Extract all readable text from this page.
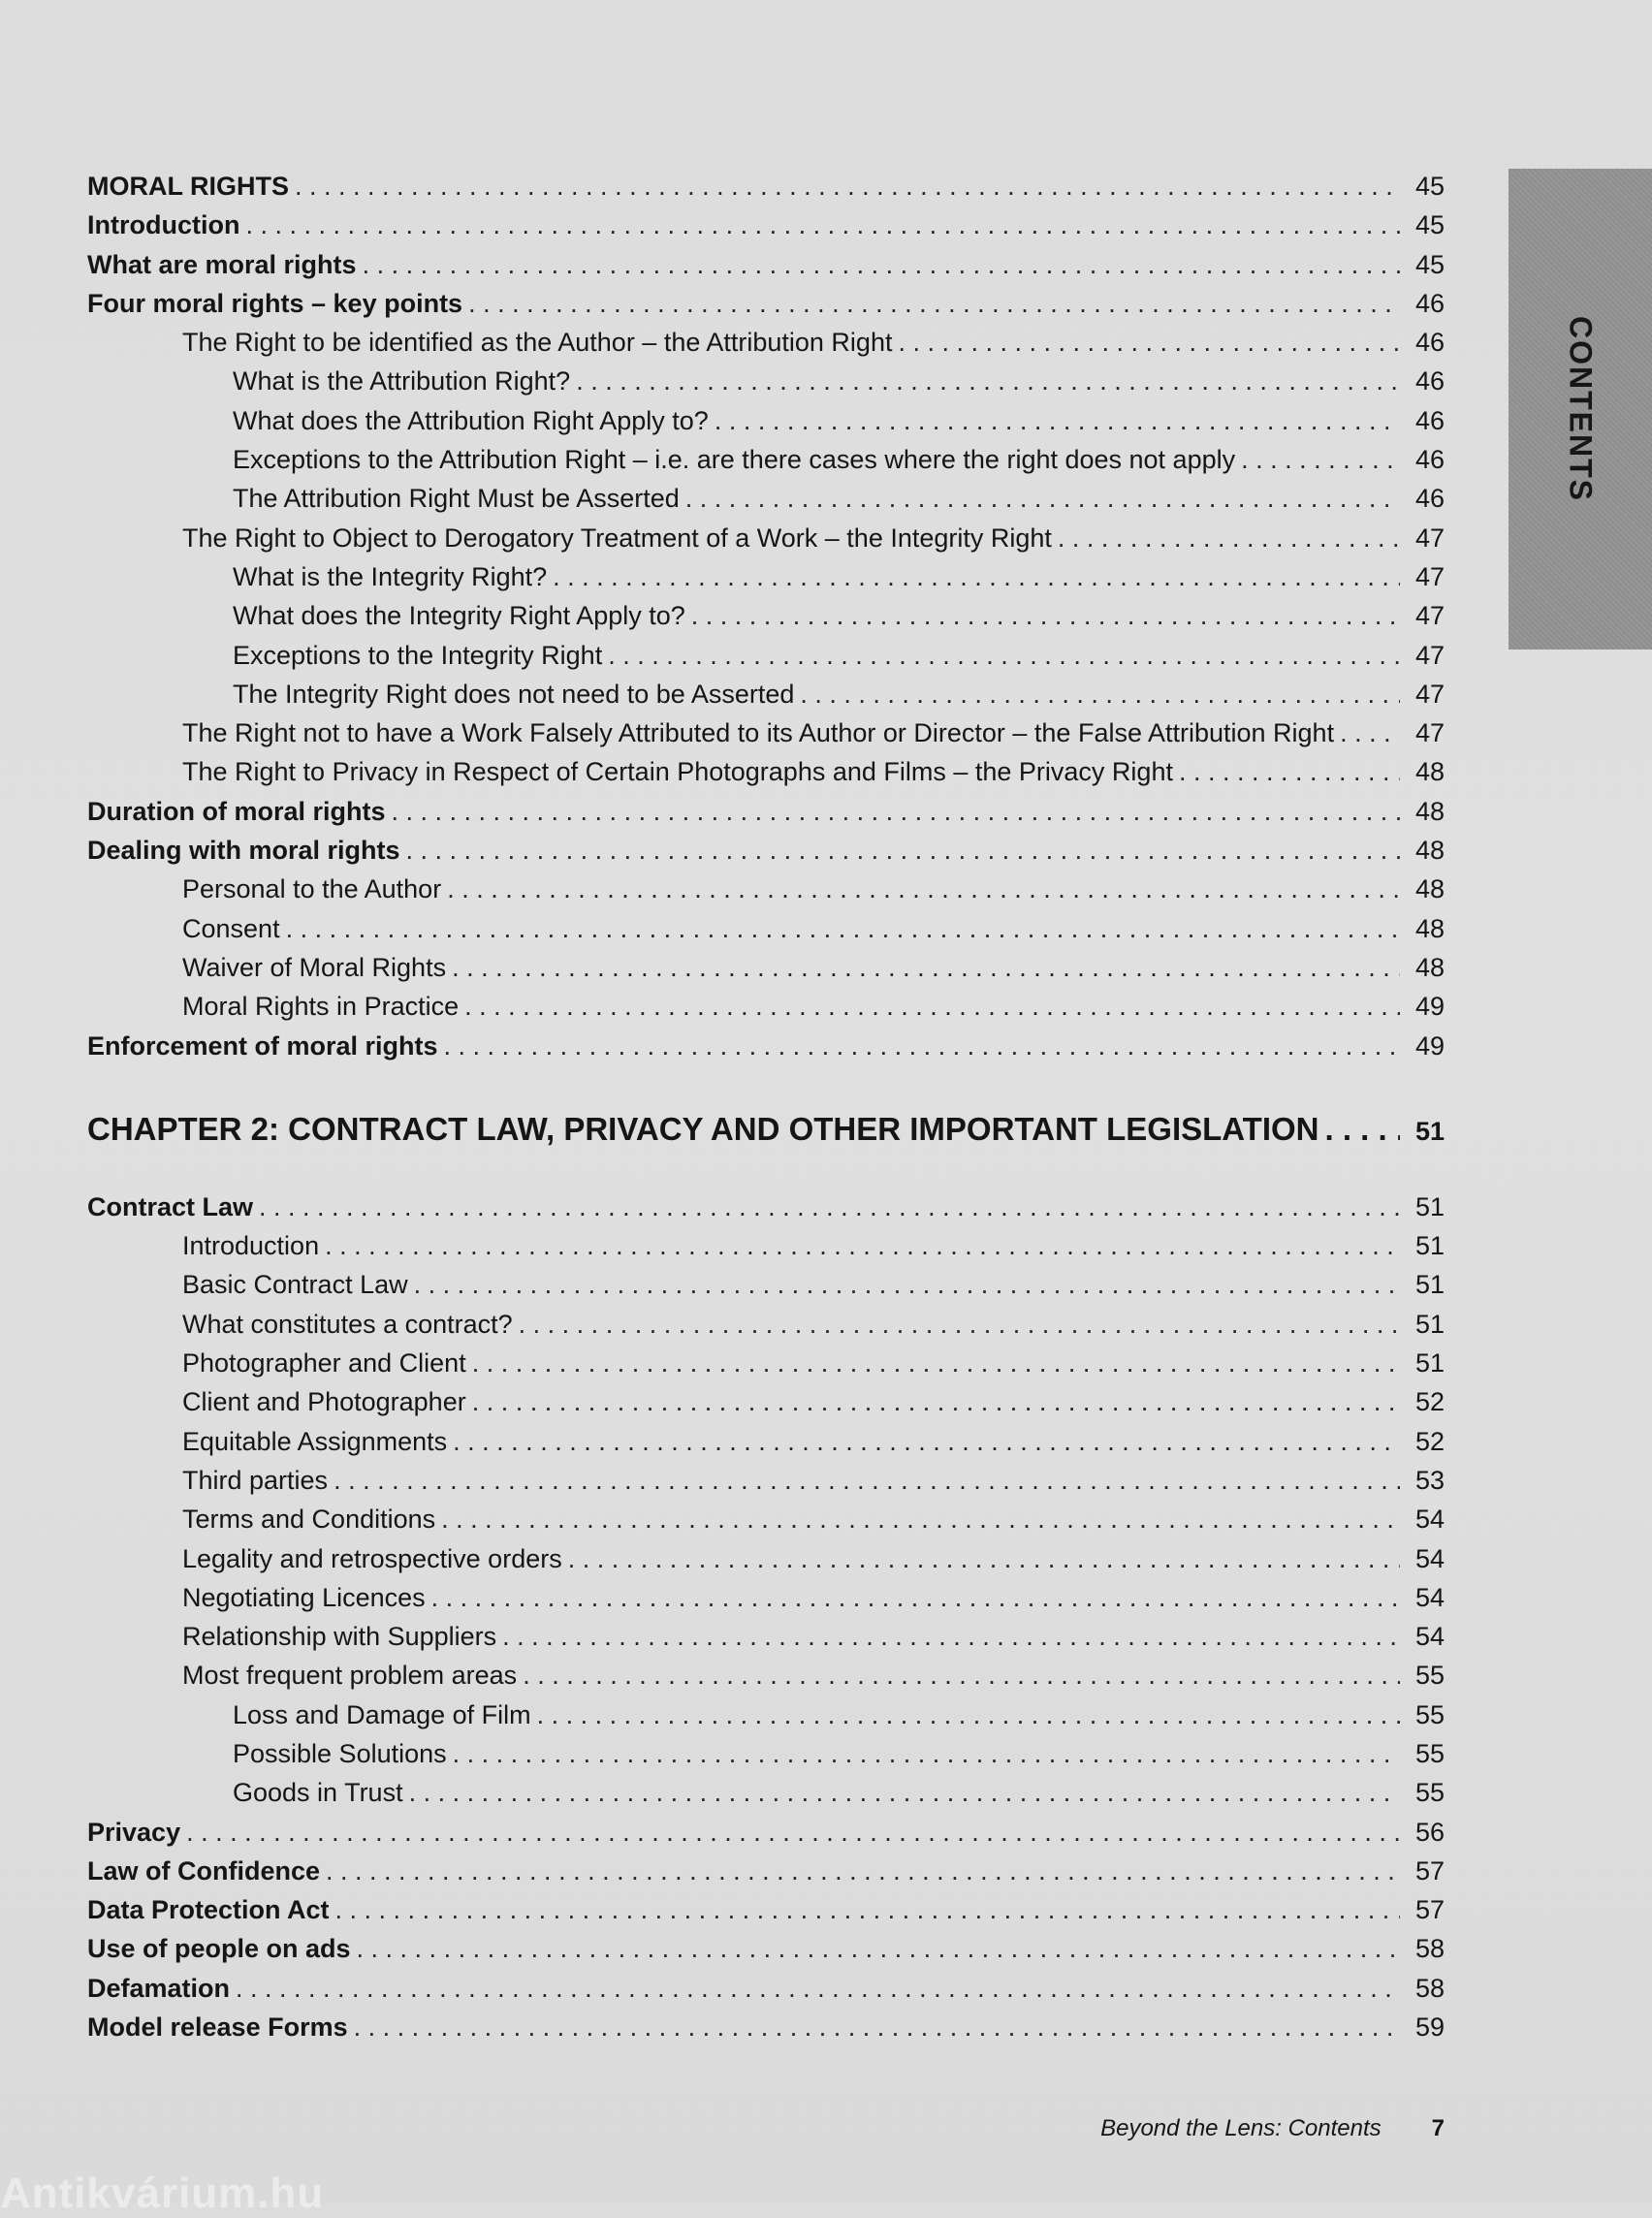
MORAL RIGHTS . . .	45
Introduction . . .	45
What are moral rights . . .	45
Four moral rights – key points . . .	46
The Right to be identified as the Author – the Attribution Right . . .	46
What is the Attribution Right? . . .	46
What does the Attribution Right Apply to? . . .	46
Exceptions to the Attribution Right – i.e. are there cases where the right does not apply . . .	46
The Attribution Right Must be Asserted . . .	46
The Right to Object to Derogatory Treatment of a Work – the Integrity Right . . .	47
What is the Integrity Right? . . .	47
What does the Integrity Right Apply to? . . .	47
Exceptions to the Integrity Right . . .	47
The Integrity Right does not need to be Asserted . . .	47
The Right not to have a Work Falsely Attributed to its Author or Director – the False Attribution Right . . .	47
The Right to Privacy in Respect of Certain Photographs and Films – the Privacy Right . . .	48
Duration of moral rights . . .	48
Dealing with moral rights . . .	48
Personal to the Author . . .	48
Consent . . .	48
Waiver of Moral Rights . . .	48
Moral Rights in Practice . . .	49
Enforcement of moral rights . . .	49
CHAPTER 2: CONTRACT LAW, PRIVACY AND OTHER IMPORTANT LEGISLATION . . .	51
Contract Law . . .	51
Introduction . . .	51
Basic Contract Law . . .	51
What constitutes a contract? . . .	51
Photographer and Client . . .	51
Client and Photographer . . .	52
Equitable Assignments . . .	52
Third parties . . .	53
Terms and Conditions . . .	54
Legality and retrospective orders . . .	54
Negotiating Licences . . .	54
Relationship with Suppliers . . .	54
Most frequent problem areas . . .	55
Loss and Damage of Film . . .	55
Possible Solutions . . .	55
Goods in Trust . . .	55
Privacy . . .	56
Law of Confidence . . .	57
Data Protection Act . . .	57
Use of people on ads . . .	58
Defamation . . .	58
Model release Forms . . .	59
CONTENTS
Beyond the Lens: Contents 7
Antikvárium.hu
